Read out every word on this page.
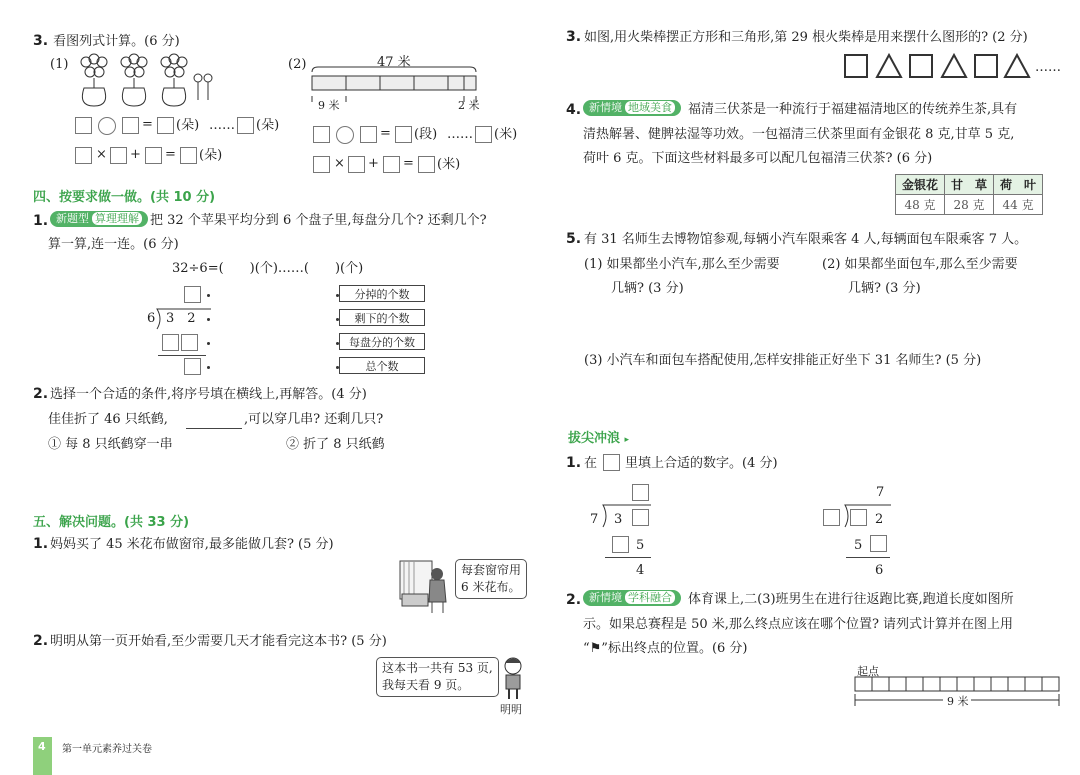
3. 看图列式计算。(6 分)
(1)
= (朵) …… (朵)
× + = (朵)
(2)	47 米
9 米	2 米
= (段) …… (米)
× + = (米)
四、按要求做一做。(共 10 分)
1. 新题型 算理理解 把 32 个苹果平均分到 6 个盘子里,每盘分几个? 还剩几个?
算一算,连一连。(6 分)
32÷6=(　　)(个)……(　　)(个)
6 3　2
分掉的个数
剩下的个数
每盘分的个数
总个数
2. 选择一个合适的条件,将序号填在横线上,再解答。(4 分)
佳佳折了 46 只纸鹤,	,可以穿几串? 还剩几只?
① 每 8 只纸鹤穿一串	② 折了 8 只纸鹤
五、解决问题。(共 33 分)
1. 妈妈买了 45 米花布做窗帘,最多能做几套? (5 分)
每套窗帘用
6 米花布。
2. 明明从第一页开始看,至少需要几天才能看完这本书? (5 分)
这本书一共有 53 页,
我每天看 9 页。
明明
4 第一单元素养过关卷
3. 如图,用火柴棒摆正方形和三角形,第 29 根火柴棒是用来摆什么图形的? (2 分)
……
4. 新情境 地域美食	福清三伏茶是一种流行于福建福清地区的传统养生茶,具有
清热解暑、健脾祛湿等功效。一包福清三伏茶里面有金银花 8 克,甘草 5 克,
荷叶 6 克。下面这些材料最多可以配几包福清三伏茶? (6 分)
金银花	甘　草	荷　叶
48 克	28 克	44 克
5. 有 31 名师生去博物馆参观,每辆小汽车限乘客 4 人,每辆面包车限乘客 7 人。
(1) 如果都坐小汽车,那么至少需要
几辆? (3 分)
(2) 如果都坐面包车,那么至少需要
几辆? (3 分)
(3) 小汽车和面包车搭配使用,怎样安排能正好坐下 31 名师生? (5 分)
拔尖冲浪 ▸
1. 在 里填上合适的数字。(4 分)
7 3
5
4
7
2
5
6
2. 新情境 学科融合	体育课上,二(3)班男生在进行往返跑比赛,跑道长度如图所
示。如果总赛程是 50 米,那么终点应该在哪个位置? 请列式计算并在图上用
“⚑”标出终点的位置。(6 分)
起点
9 米
